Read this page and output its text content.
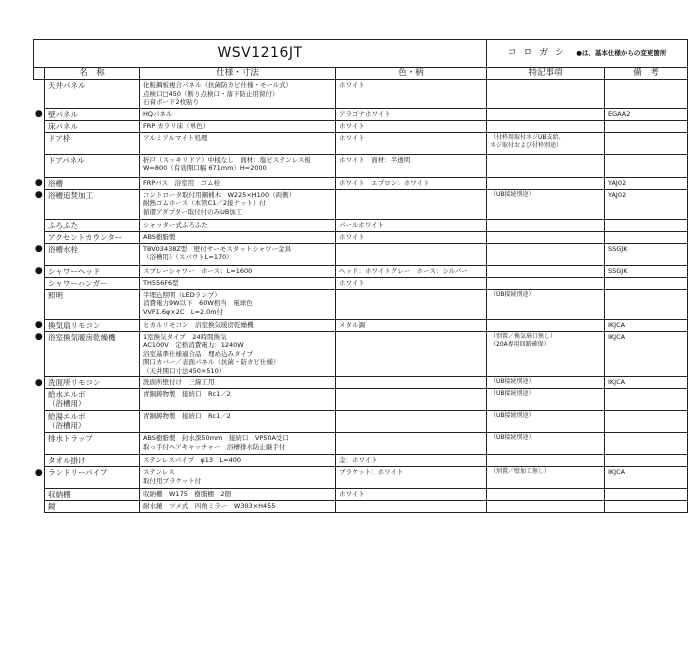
WSV1216JT				コ ロ ガ シ ●は、基本仕様からの変更箇所	
	名　称	仕様・寸法	色・柄	特記事項	備　考
	天井パネル	化粧鋼板複合パネル（抗菌防カビ仕様・モール式）
点検口□450（断り点検口・落下防止用留付）
石膏ボード2枚貼り	ホワイト		
●	壁パネル	HQパネル	アラゴナホワイト		EGAA2
	床パネル	FRP カラリ床（単色）	ホワイト		
	ドア枠	アルミアルマイト処理	ホワイト	（付枠用取付ネジUB支給、
ネジ取付および付枠別途）	
	ドアパネル	折戸（スッキリドア）中桟なし　面材：塩ビステンレス板
W=800（有効開口幅 671mm）H=2000	ホワイト　面材：半透明		
●	浴槽	FRPバス　浴室用　ゴム栓	ホワイト　エプロン：ホワイト		YAJ02
●	浴槽追焚加工	コントロータ取付用鋼補木　W225×H100（両側）
耐熱ゴムホース（本管C1／2接ナット）付
循環アダプター取付付のみUB加工		（UB接続別途）	YAJ02
	ふろふた	シャッター式ふろふた	パールホワイト		
	アクセントカウンター	ABS樹脂製	ホワイト		
●	浴槽水栓	TBV03438Z型　壁付サーモスタットシャワー金具
（浴槽用）（スパウトL=170）			SSGJK
●	シャワーヘッド	スプレーシャワー　ホース：L=1600	ヘッド：ホワイトグレー　ホース：シルバー		SSGJK
	シャワーハンガー	TH556F6型	ホワイト		
	照明	半埋込照明（LEDランプ）
消費電力9W以下　60W相当　電球色
VVF1.6φ×2C　L=2.0m付		（UB接続別途）	
●	換気扇リモコン	ヒカルリモコン　浴室換気暖房乾燥機	メタル調		IKJCA
●	浴室換気暖房乾燥機	1室換気タイプ　24時間換気
AC100V　定格消費電力：1240W
浴室基準仕様適合品　埋め込みタイプ
開口カバー／表面パネル（抗菌・防カビ仕様）
（天井開口寸法450×510）		（別置／換気扇口無し）
（20A専用回路確保）	IKJCA
●	洗面所リモコン	洗面所壁付け　三線工用		（UB接続別途）	IKJCA
	給水エルボ
（浴槽用）	青銅鋳物製　接続口　Rc1／2		（UB接続別途）	
	給湯エルボ
（浴槽用）	青銅鋳物製　接続口　Rc1／2		（UB接続別途）	
	排水トラップ	ABS樹脂製　封水深50mm　接続口　VP50A受口
取っ手付ヘアキャッチャー　浴槽排水防止継手付		（UB接続別途）	
	タオル掛け	ステンレスパイプ　φ13　L=400	金：ホワイト		
●	ランドリーパイプ	ステンレス
取付用ブラケット付	ブラケット：ホワイト	（別置／壁加工無し）	IKJCA
	収納棚	収納棚　W175　樹脂棚　2個	ホワイト		
	鏡	耐水鏡　ツメ式　四角ミラー　W303×H455			
